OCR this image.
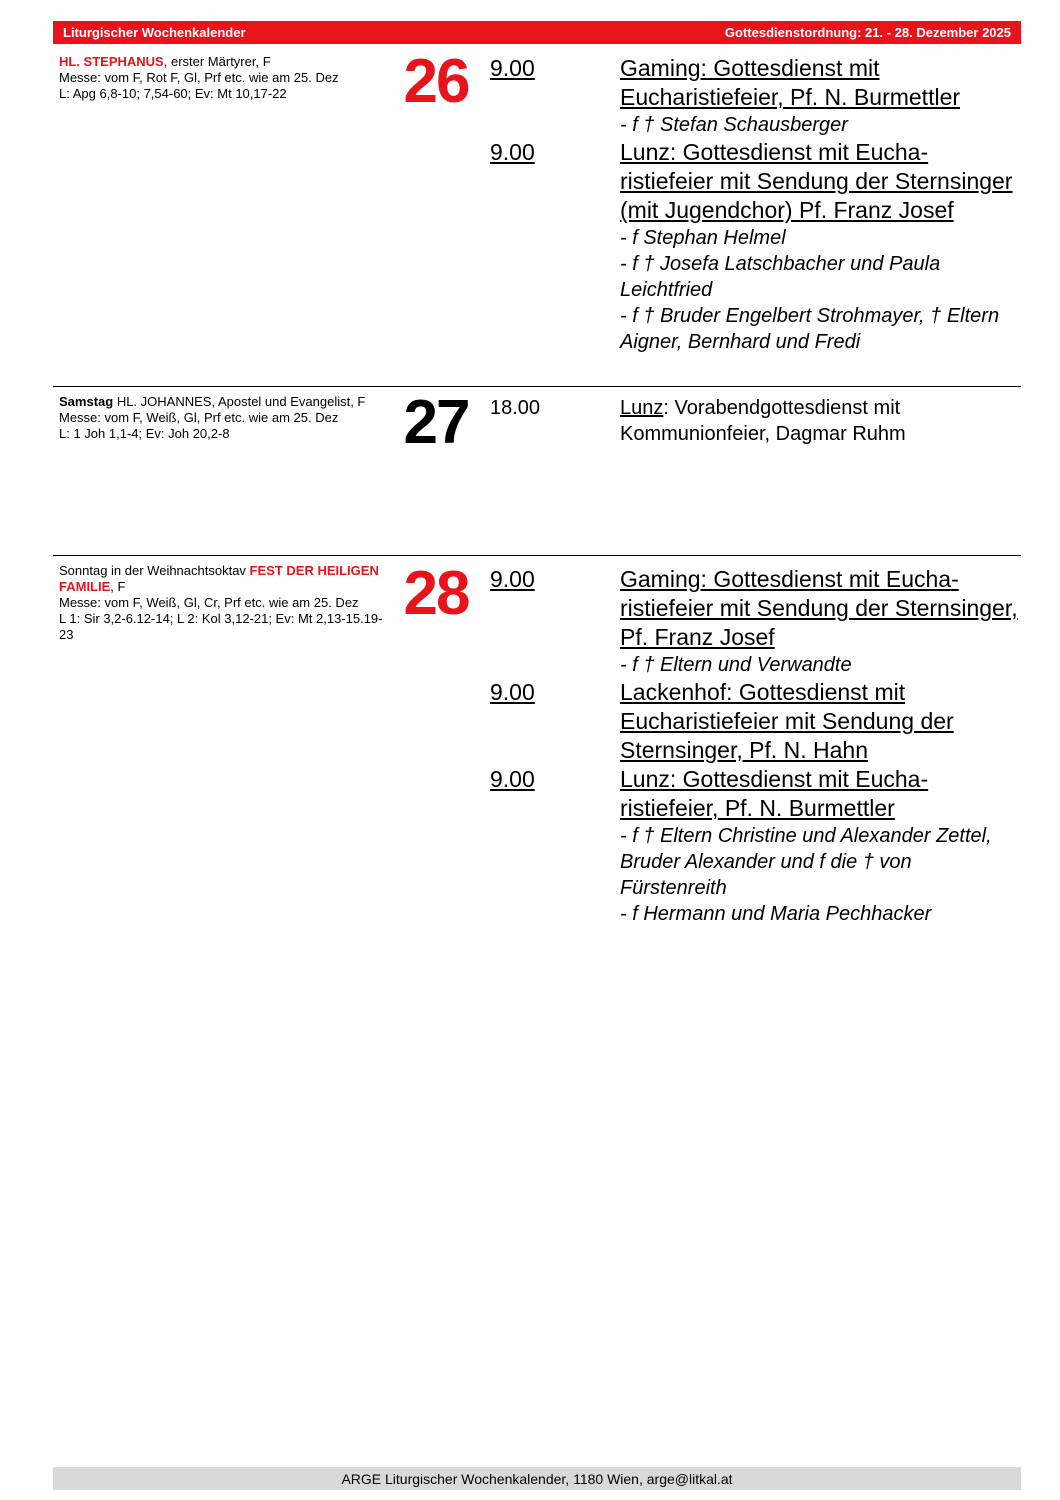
Liturgischer Wochenkalender	Gottesdienstordnung: 21. - 28. Dezember 2025
HL. STEPHANUS, erster Märtyrer, F
Messe: vom F, Rot F, Gl, Prf etc. wie am 25. Dez
L: Apg 6,8-10; 7,54-60; Ev: Mt 10,17-22	26 9.00	Gaming: Gottesdienst mit Eucharistiefeier, Pf. N. Burmettler
- f † Stefan Schausberger
9.00	Lunz: Gottesdienst mit Eucha-ristiefeier mit Sendung der Sternsinger (mit Jugendchor) Pf. Franz Josef
- f Stephan Helmel
- f † Josefa Latschbacher und Paula Leichtfried
- f † Bruder Engelbert Strohmayer, † Eltern Aigner, Bernhard und Fredi
Samstag HL. JOHANNES, Apostel und Evangelist, F
Messe: vom F, Weiß, Gl, Prf etc. wie am 25. Dez
L: 1 Joh 1,1-4; Ev: Joh 20,2-8	27	18.00	Lunz: Vorabendgottesdienst mit Kommunionfeier, Dagmar Ruhm
Sonntag in der Weihnachtsoktav FEST DER HEILIGEN FAMILIE, F
Messe: vom F, Weiß, Gl, Cr, Prf etc. wie am 25. Dez
L 1: Sir 3,2-6.12-14; L 2: Kol 3,12-21; Ev: Mt 2,13-15.19-23
28 9.00	Gaming: Gottesdienst mit Eucha-ristiefeier mit Sendung der Sternsinger, Pf. Franz Josef
- f † Eltern und Verwandte
9.00	Lackenhof: Gottesdienst mit Eucharistiefeier mit Sendung der Sternsinger, Pf. N. Hahn
9.00	Lunz: Gottesdienst mit Eucha-ristiefeier, Pf. N. Burmettler
- f † Eltern Christine und Alexander Zettel, Bruder Alexander und f die † von Fürstenreith
- f Hermann und Maria Pechhacker
ARGE Liturgischer Wochenkalender, 1180 Wien, arge@litkal.at
